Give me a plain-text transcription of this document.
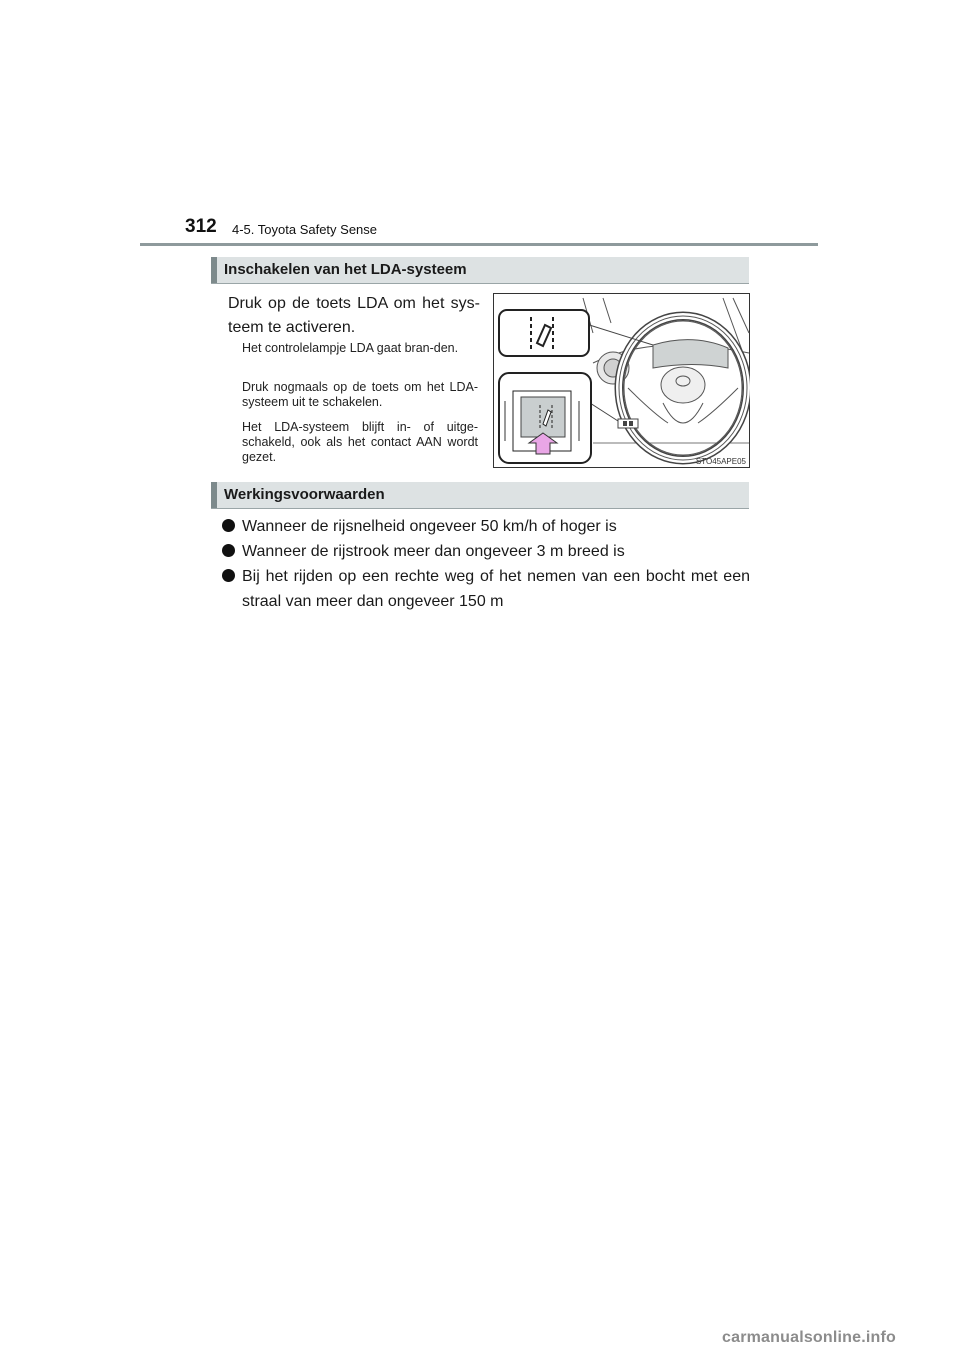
312 4-5. Toyota Safety Sense
Inschakelen van het LDA-systeem
Druk op de toets LDA om het sys-teem te activeren.
Het controlelampje LDA gaat bran-den.
Druk nogmaals op de toets om het LDA-systeem uit te schakelen.
Het LDA-systeem blijft in- of uitge-schakeld, ook als het contact AAN wordt gezet.	STO45APE05
Werkingsvoorwaarden
Wanneer de rijsnelheid ongeveer 50 km/h of hoger is
Wanneer de rijstrook meer dan ongeveer 3 m breed is
Bij het rijden op een rechte weg of het nemen van een bocht met een straal van meer dan ongeveer 150 m
carmanualsonline.info
